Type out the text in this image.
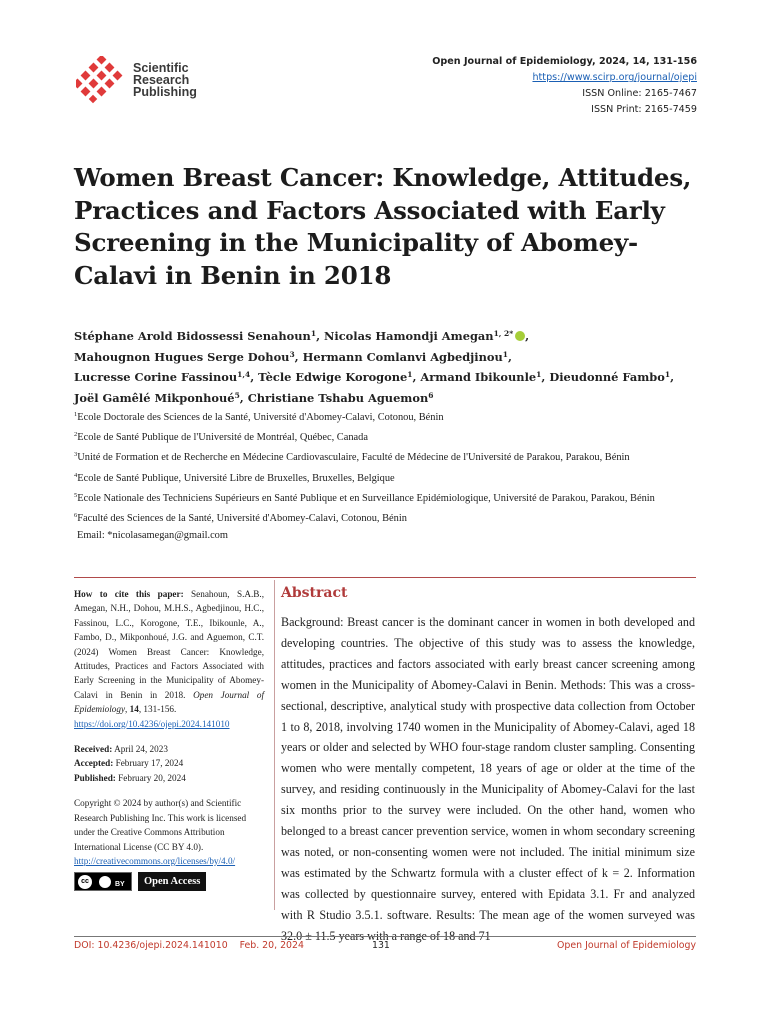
Scientific
Research
Publishing
Open Journal of Epidemiology, 2024, 14, 131-156
https://www.scirp.org/journal/ojepi
ISSN Online: 2165-7467
ISSN Print: 2165-7459
Women Breast Cancer: Knowledge, Attitudes, Practices and Factors Associated with Early Screening in the Municipality of Abomey-Calavi in Benin in 2018
Stéphane Arold Bidossessi Senahoun$^1$, Nicolas Hamondji Amegan$^{1, 2*}$ ,
Mahougnon Hugues Serge Dohou$^3$, Hermann Comlanvi Agbedjinou$^1$,
Lucresse Corine Fassinou$^{1,4}$, Tècle Edwige Korogone$^1$, Armand Ibikounle$^1$, Dieudonné Fambo$^1$,
Joël Gamêlé Mikponhoué$^5$, Christiane Tshabu Aguemon$^6$
$^1$Ecole Doctorale des Sciences de la Santé, Université d'Abomey-Calavi, Cotonou, Bénin
$^2$Ecole de Santé Publique de l'Université de Montréal, Québec, Canada
$^3$Unité de Formation et de Recherche en Médecine Cardiovasculaire, Faculté de Médecine de l'Université de Parakou, Parakou, Bénin
$^4$Ecole de Santé Publique, Université Libre de Bruxelles, Bruxelles, Belgique
$^5$Ecole Nationale des Techniciens Supérieurs en Santé Publique et en Surveillance Epidémiologique, Université de Parakou, Parakou, Bénin
$^6$Faculté des Sciences de la Santé, Université d'Abomey-Calavi, Cotonou, Bénin
Email: *nicolasamegan@gmail.com
How to cite this paper: Senahoun, S.A.B., Amegan, N.H., Dohou, M.H.S., Agbedjinou, H.C., Fassinou, L.C., Korogone, T.E., Ibikounle, A., Fambo, D., Mikponhoué, J.G. and Aguemon, C.T. (2024) Women Breast Cancer: Knowledge, Attitudes, Practices and Factors Associated with Early Screening in the Municipality of Abomey-Calavi in Benin in 2018. Open Journal of Epidemiology, 14, 131-156.
https://doi.org/10.4236/ojepi.2024.141010
Received: April 24, 2023
Accepted: February 17, 2024
Published: February 20, 2024
Copyright © 2024 by author(s) and Scientific Research Publishing Inc. This work is licensed under the Creative Commons Attribution International License (CC BY 4.0).
http://creativecommons.org/licenses/by/4.0/
cc	BY	Open Access
Abstract

Background: Breast cancer is the dominant cancer in women in both developed and developing countries. The objective of this study was to assess the knowledge, attitudes, practices and factors associated with early breast cancer screening among women in the Municipality of Abomey-Calavi in Benin. Methods: This was a cross-sectional, descriptive, analytical study with prospective data collection from October 1 to 8, 2018, involving 1740 women in the Municipality of Abomey-Calavi, aged 18 years or older and selected by WHO four-stage random cluster sampling. Consenting women who were mentally competent, 18 years of age or older at the time of the survey, and residing continuously in the Municipality of Abomey-Calavi for the last six months prior to the survey were included. On the other hand, women who belonged to a breast cancer prevention service, women in whom secondary screening was noted, or non-consenting women were not included. The initial minimum size was estimated by the Schwartz formula with a cluster effect of k = 2. Information was collected by questionnaire survey, entered with Epidata 3.1. Fr and analyzed with R Studio 3.5.1. software. Results: The mean age of the women surveyed was 32.0 ± 11.5 years with a range of 18 and 71

DOI: 10.4236/ojepi.2024.141010    Feb. 20, 2024	131	Open Journal of Epidemiology
